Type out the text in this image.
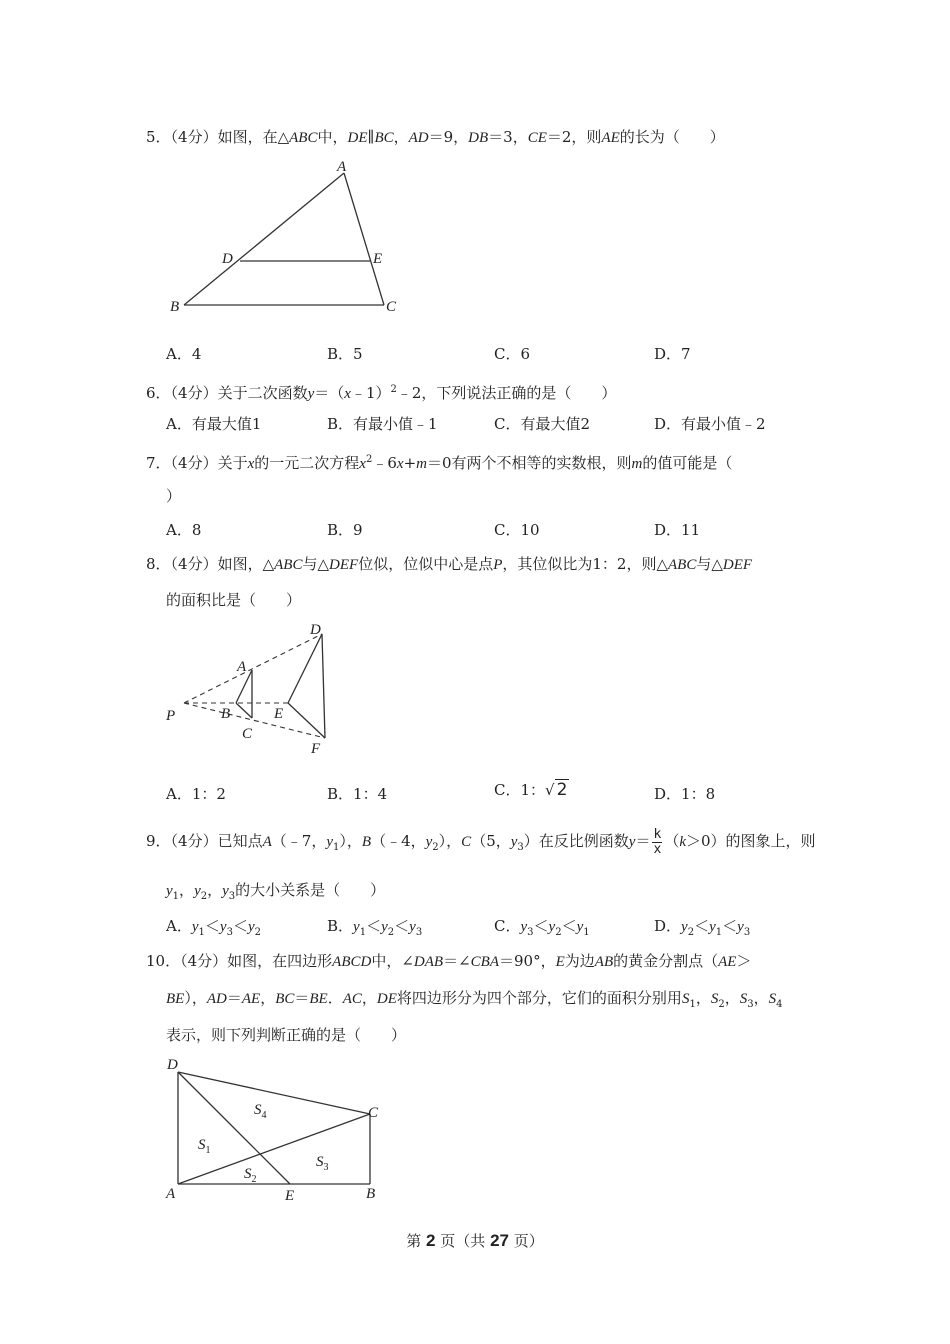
5．（4分）如图，在△ABC中，DE∥BC，AD＝9，DB＝3，CE＝2，则AE的长为（　　）
A
D	E
B	C
A．4	B．5	C．6	D．7
6．（4分）关于二次函数y＝（x﹣1）$^2$﹣2，下列说法正确的是（　　）
A．有最大值1	B．有最小值﹣1	C．有最大值2	D．有最小值﹣2
7．（4分）关于x的一元二次方程$x^2﹣6x+m=0$有两个不相等的实数根，则m的值可能是（
）
A．8	B．9	C．10	D．11
8．（4分）如图，△ABC与△DEF位似，位似中心是点P，其位似比为1：2，则△ABC与△DEF
的面积比是（　　）
P
A
B
C
D
E
F
A．1：2	B．1：4	C．1：√ 2	D．1：8
9．（4分）已知点A（﹣7，$y_1$），B（﹣4，$y_2$），C（5，$y_3$）在反比例函数$y= \frac{k}{x} (k>0)$的图象上，则
$y_1$，$y_2$，$y_3$的大小关系是（　　）
A．$y_1<y_3<y_2$	B．$y_1<y_2<y_3$	C．$y_3<y_2<y_1$	D．$y_2<y_1<y_3$
10．（4分）如图，在四边形ABCD中，∠DAB＝∠CBA＝90°，E为边AB的黄金分割点（AE＞
BE），AD＝AE，BC＝BE．AC，DE将四边形分为四个部分，它们的面积分别用$S_1$，$S_2$，$S_3$，$S_4$
表示，则下列判断正确的是（　　）
D
C
A	E	B
$S_4$
$S_1$
$S_3$
$S_2$
第 2 页（共 27 页）
